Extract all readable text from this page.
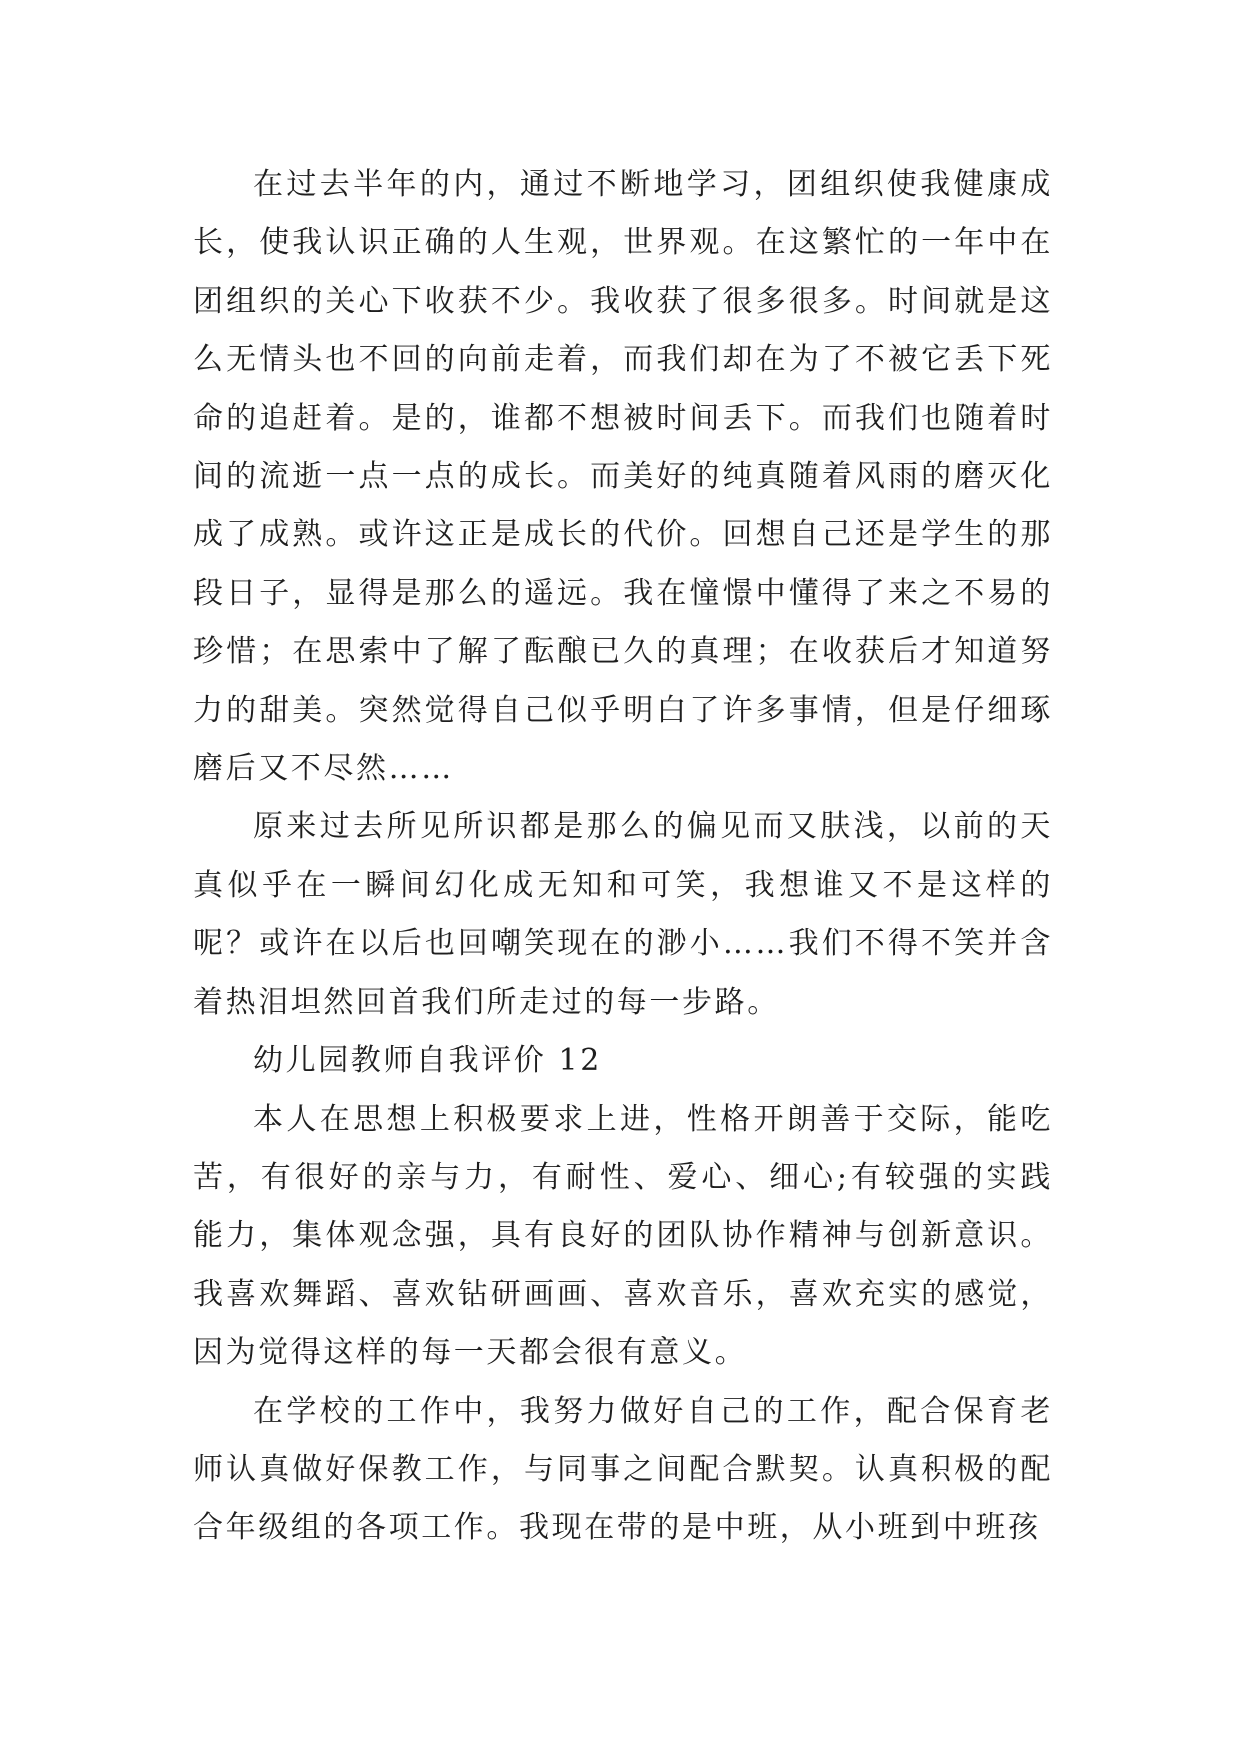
在过去半年的内，通过不断地学习，团组织使我健康成长，使我认识正确的人生观，世界观。在这繁忙的一年中在团组织的关心下收获不少。我收获了很多很多。时间就是这么无情头也不回的向前走着，而我们却在为了不被它丢下死命的追赶着。是的，谁都不想被时间丢下。而我们也随着时间的流逝一点一点的成长。而美好的纯真随着风雨的磨灭化成了成熟。或许这正是成长的代价。回想自己还是学生的那段日子，显得是那么的遥远。我在憧憬中懂得了来之不易的珍惜；在思索中了解了酝酿已久的真理；在收获后才知道努力的甜美。突然觉得自己似乎明白了许多事情，但是仔细琢磨后又不尽然……

原来过去所见所识都是那么的偏见而又肤浅，以前的天真似乎在一瞬间幻化成无知和可笑，我想谁又不是这样的呢？或许在以后也回嘲笑现在的渺小……我们不得不笑并含着热泪坦然回首我们所走过的每一步路。

幼儿园教师自我评价 12

本人在思想上积极要求上进，性格开朗善于交际，能吃苦，有很好的亲与力，有耐性、爱心、细心;有较强的实践能力，集体观念强，具有良好的团队协作精神与创新意识。我喜欢舞蹈、喜欢钻研画画、喜欢音乐，喜欢充实的感觉，因为觉得这样的每一天都会很有意义。

在学校的工作中，我努力做好自己的工作，配合保育老师认真做好保教工作，与同事之间配合默契。认真积极的配合年级组的各项工作。我现在带的是中班，从小班到中班孩
